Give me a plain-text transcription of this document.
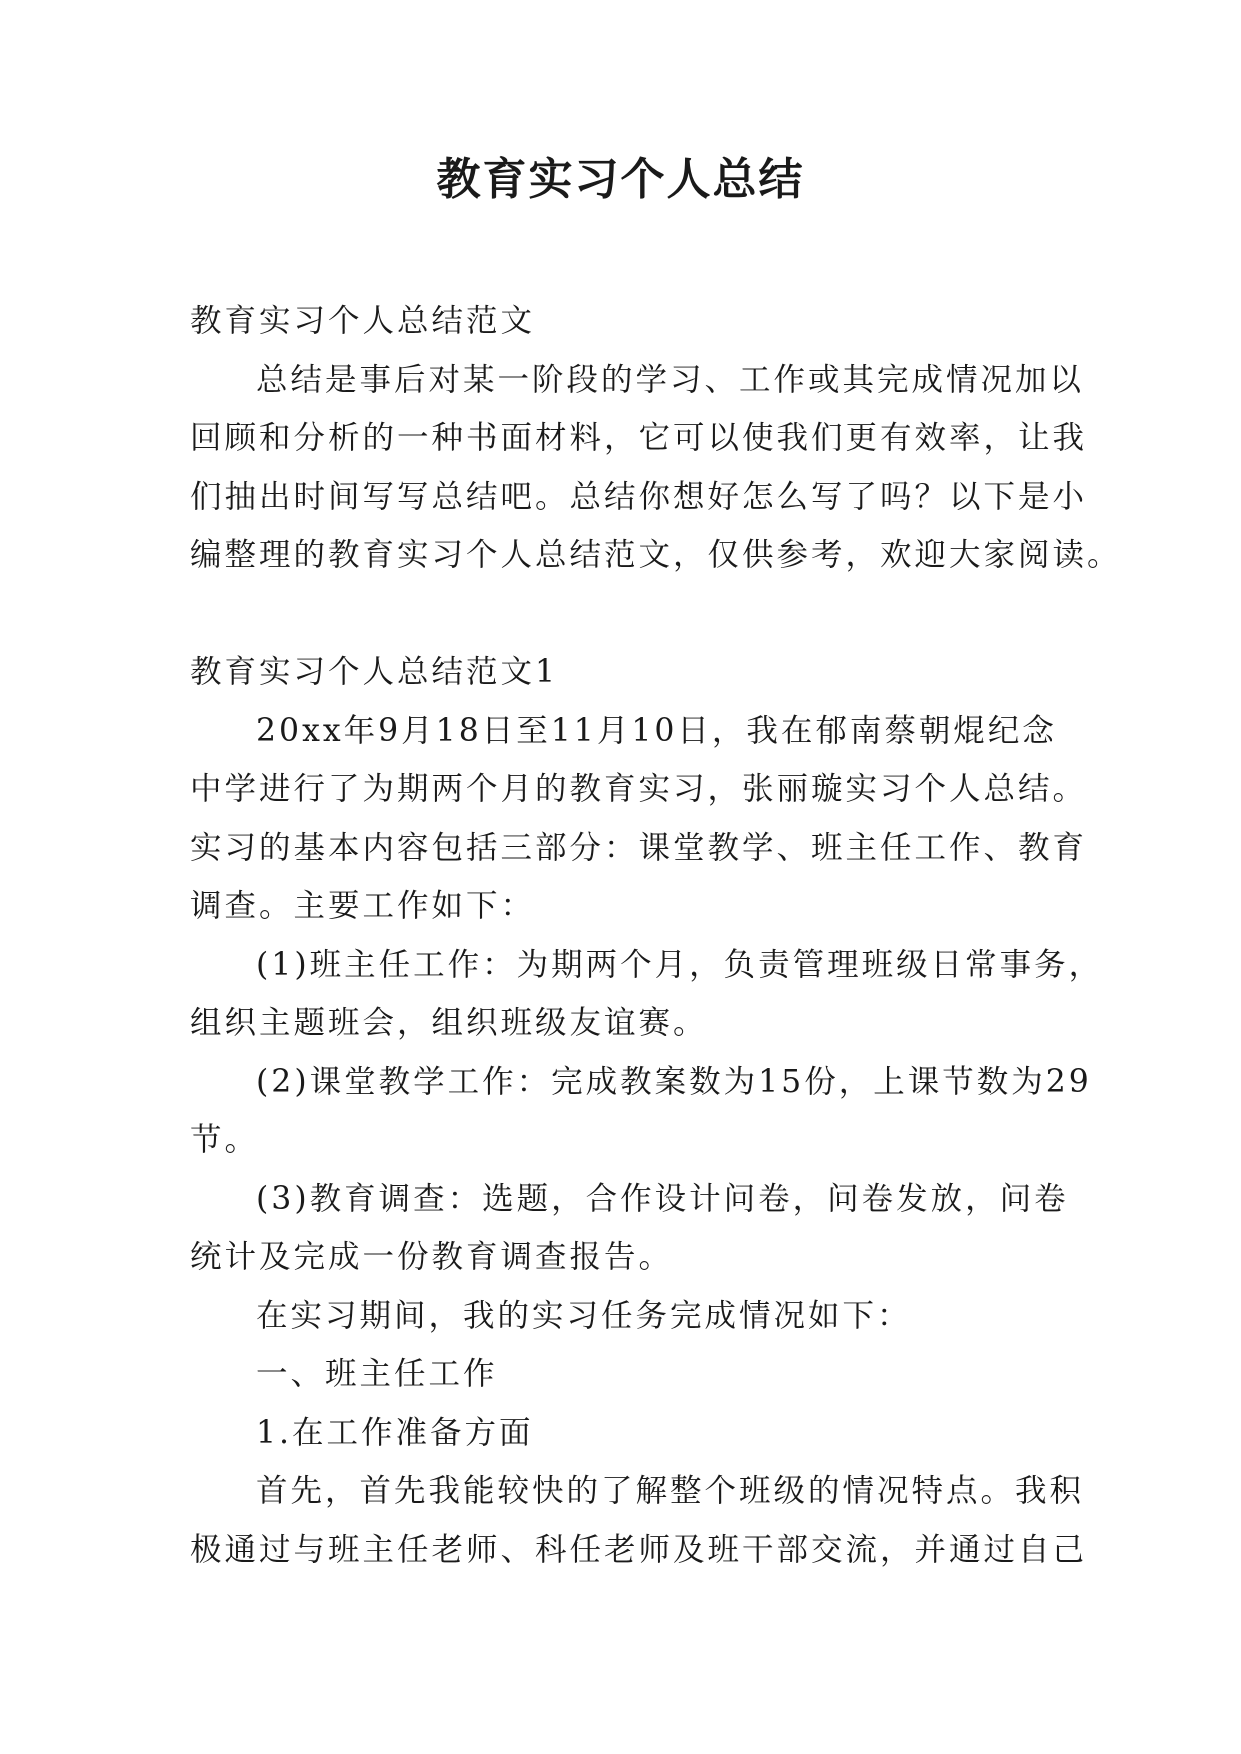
教育实习个人总结
教育实习个人总结范文
总结是事后对某一阶段的学习、工作或其完成情况加以
回顾和分析的一种书面材料，它可以使我们更有效率，让我
们抽出时间写写总结吧。总结你想好怎么写了吗？以下是小
编整理的教育实习个人总结范文，仅供参考，欢迎大家阅读。
教育实习个人总结范文1
20xx年9月18日至11月10日，我在郁南蔡朝焜纪念
中学进行了为期两个月的教育实习，张丽璇实习个人总结。
实习的基本内容包括三部分：课堂教学、班主任工作、教育
调查。主要工作如下：
(1)班主任工作：为期两个月，负责管理班级日常事务，
组织主题班会，组织班级友谊赛。
(2)课堂教学工作：完成教案数为15份，上课节数为29
节。
(3)教育调查：选题，合作设计问卷，问卷发放，问卷
统计及完成一份教育调查报告。
在实习期间，我的实习任务完成情况如下：
一、班主任工作
1.在工作准备方面
首先，首先我能较快的了解整个班级的情况特点。我积
极通过与班主任老师、科任老师及班干部交流，并通过自己
